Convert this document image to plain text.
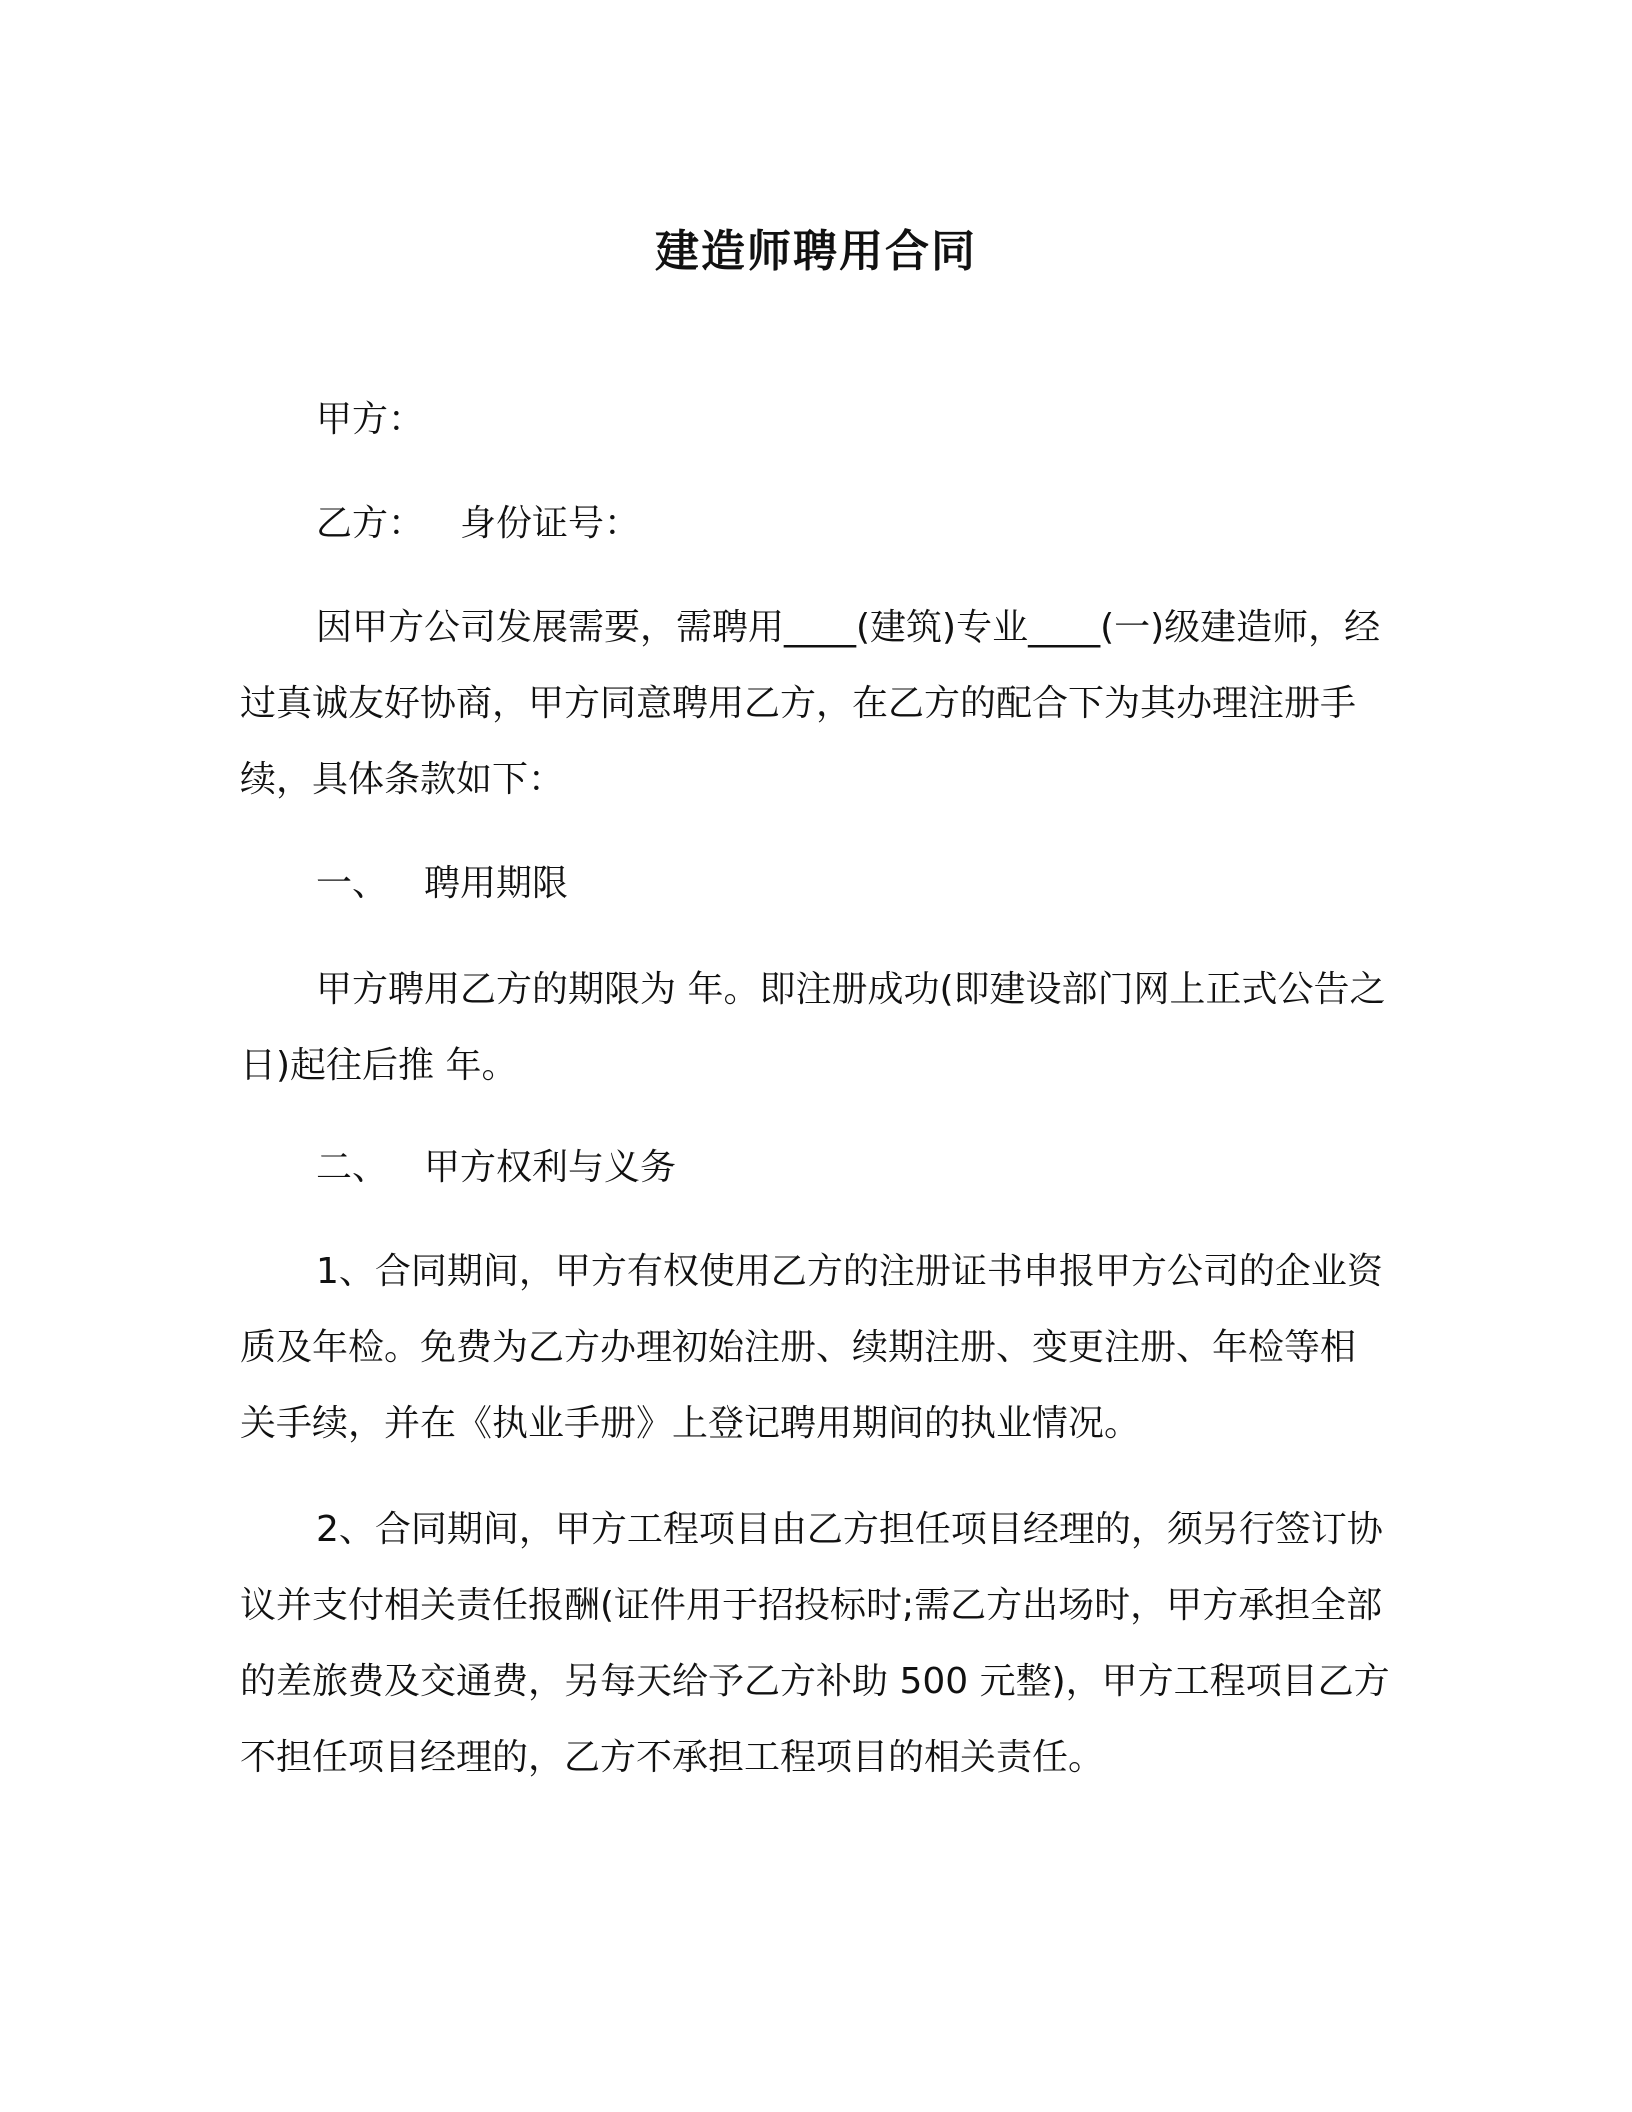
建造师聘用合同

甲方：

乙方： 身份证号：

因甲方公司发展需要，需聘用____(建筑)专业____(一)级建造师，经过真诚友好协商，甲方同意聘用乙方，在乙方的配合下为其办理注册手续，具体条款如下：

一、 聘用期限

甲方聘用乙方的期限为 年。即注册成功(即建设部门网上正式公告之日)起往后推 年。

二、 甲方权利与义务

1、合同期间，甲方有权使用乙方的注册证书申报甲方公司的企业资质及年检。免费为乙方办理初始注册、续期注册、变更注册、年检等相关手续，并在《执业手册》上登记聘用期间的执业情况。

2、合同期间，甲方工程项目由乙方担任项目经理的，须另行签订协议并支付相关责任报酬(证件用于招投标时;需乙方出场时，甲方承担全部的差旅费及交通费，另每天给予乙方补助 500 元整)，甲方工程项目乙方不担任项目经理的，乙方不承担工程项目的相关责任。
